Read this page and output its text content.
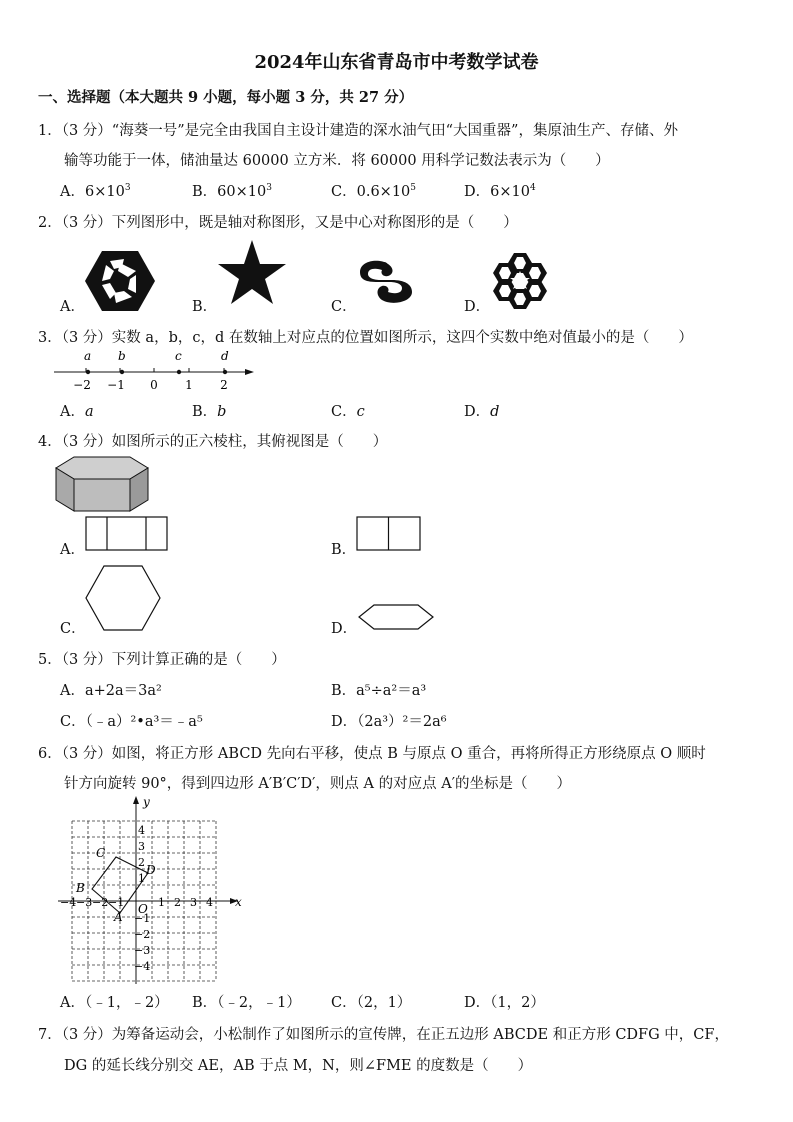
2024年山东省青岛市中考数学试卷
一、选择题（本大题共 9 小题，每小题 3 分，共 27 分）
1．（3 分）“海葵一号”是完全由我国自主设计建造的深水油气田“大国重器”，集原油生产、存储、外
输等功能于一体，储油量达 60000 立方米．将 60000 用科学记数法表示为（　　）
A．$6\times 10^3$	B．$60\times 10^3$	C．$0.6\times 10^5$	D．$6\times 10^4$
2．（3 分）下列图形中，既是轴对称图形，又是中心对称图形的是（　　）
A．	B．	C．	D．
3．（3 分）实数 a，b，c，d 在数轴上对应点的位置如图所示，这四个实数中绝对值最小的是（　　）
a b	c	d
−2 −1 0 1 2
A．a	B．b	C．c	D．d
4．（3 分）如图所示的正六棱柱，其俯视图是（　　）
A．	B．
C．	D．
5．（3 分）下列计算正确的是（　　）
A．a+2a＝3a²	B．a⁵÷a²＝a³
C．（﹣a）²•a³＝﹣a⁵	D．（2a³）²＝2a⁶
6．（3 分）如图，将正方形 ABCD 先向右平移，使点 B 与原点 O 重合，再将所得正方形绕原点 O 顺时
针方向旋转 90°，得到四边形 A′B′C′D′，则点 A 的对应点 A′的坐标是（　　）
x
y
O
−4 −3 −2 −1	1 2 3 4
4
3
2
1
−1
−2
−3
−4
A
B
C
D
A．（﹣1，﹣2） B．（﹣2，﹣1） C．（2，1）	D．（1，2）
7．（3 分）为筹备运动会，小松制作了如图所示的宣传牌，在正五边形 ABCDE 和正方形 CDFG 中，CF，
DG 的延长线分别交 AE，AB 于点 M，N，则∠FME 的度数是（　　）
